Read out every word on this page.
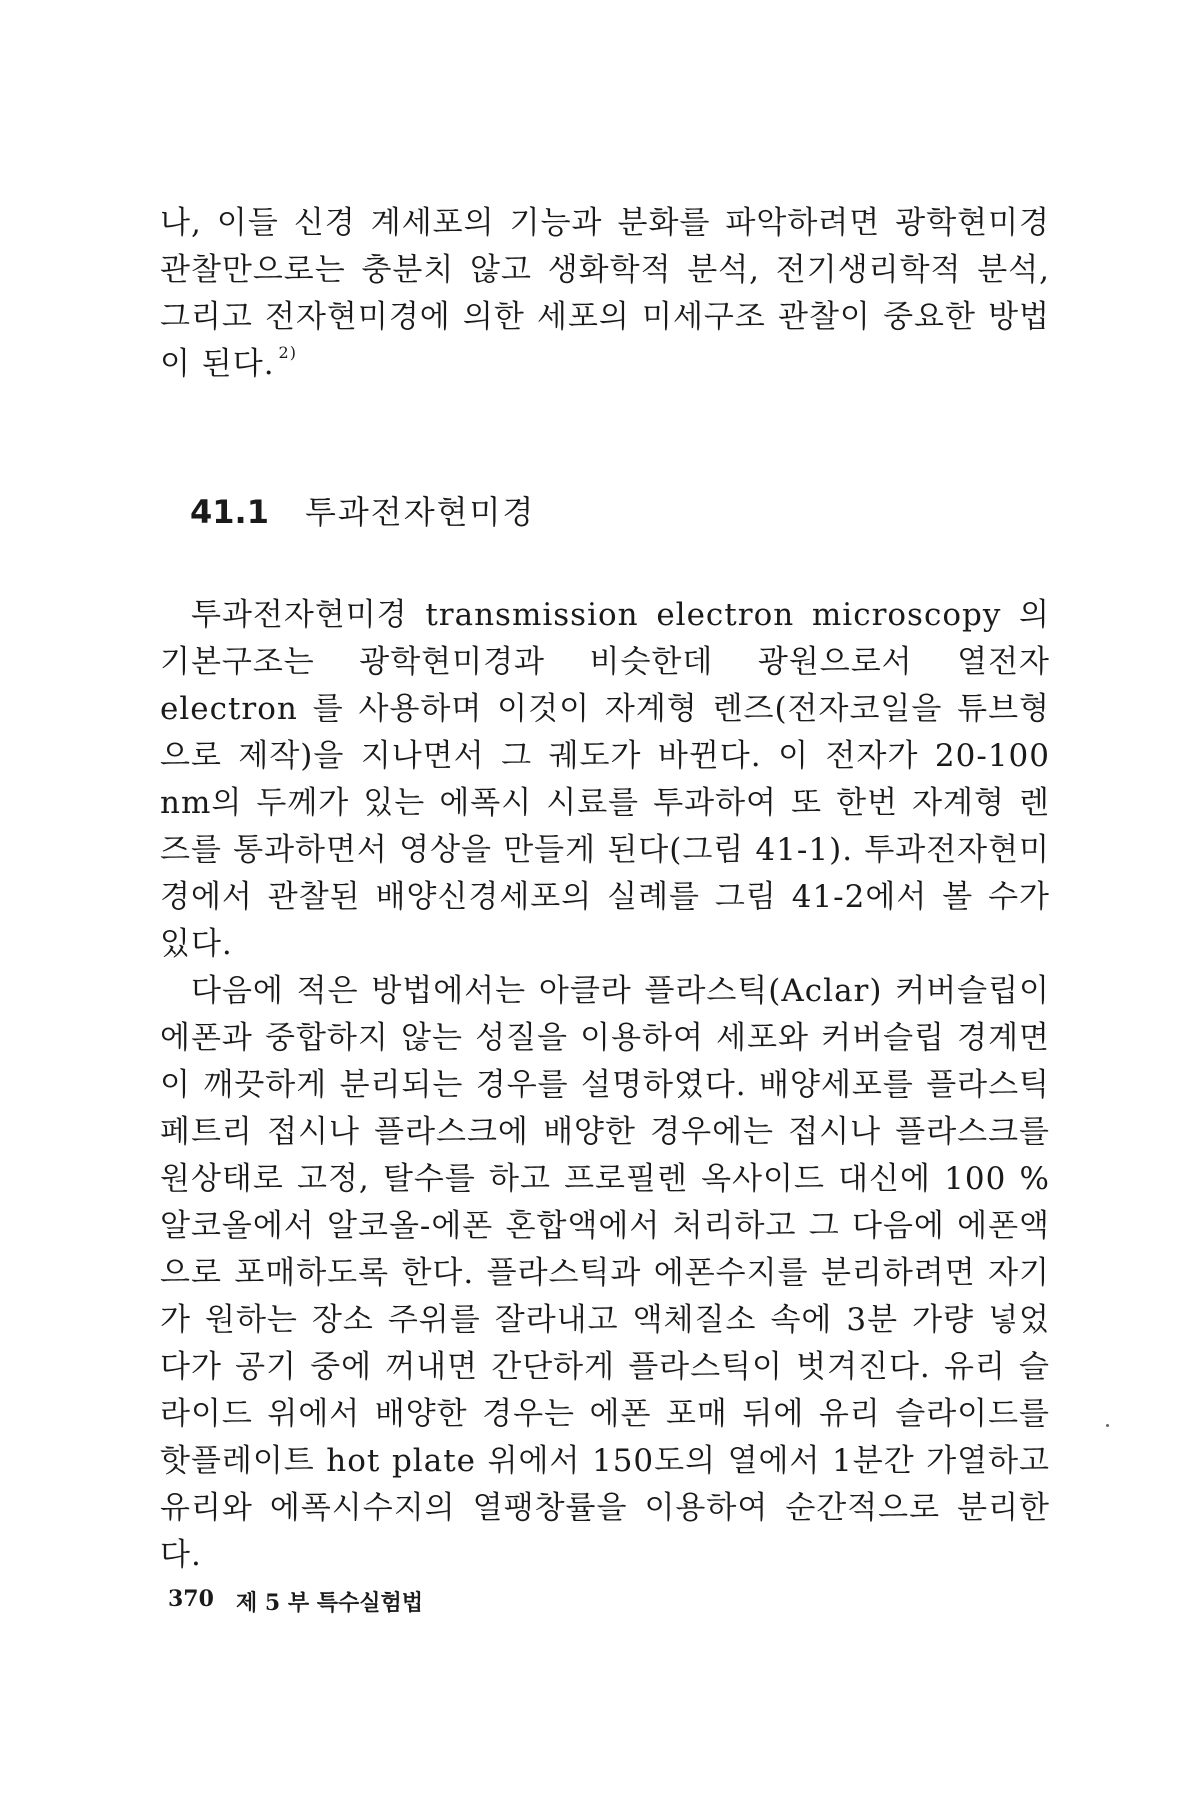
나, 이들 신경 계세포의 기능과 분화를 파악하려면 광학현미경 관찰만으로는 충분치 않고 생화학적 분석, 전기생리학적 분석, 그리고 전자현미경에 의한 세포의 미세구조 관찰이 중요한 방법이 된다. $^{2)}$

41.1 투과전자현미경

투과전자현미경 transmission electron microscopy 의 기본구조는 광학현미경과 비슷한데 광원으로서 열전자 electron 를 사용하며 이것이 자계형 렌즈(전자코일을 튜브형으로 제작)을 지나면서 그 궤도가 바뀐다. 이 전자가 20-100 nm의 두께가 있는 에폭시 시료를 투과하여 또 한번 자계형 렌즈를 통과하면서 영상을 만들게 된다(그림 41-1). 투과전자현미경에서 관찰된 배양신경세포의 실례를 그림 41-2에서 볼 수가 있다.

다음에 적은 방법에서는 아클라 플라스틱(Aclar) 커버슬립이 에폰과 중합하지 않는 성질을 이용하여 세포와 커버슬립 경계면이 깨끗하게 분리되는 경우를 설명하였다. 배양세포를 플라스틱 페트리 접시나 플라스크에 배양한 경우에는 접시나 플라스크를 원상태로 고정, 탈수를 하고 프로필렌 옥사이드 대신에 100 % 알코올에서 알코올-에폰 혼합액에서 처리하고 그 다음에 에폰액으로 포매하도록 한다. 플라스틱과 에폰수지를 분리하려면 자기가 원하는 장소 주위를 잘라내고 액체질소 속에 3분 가량 넣었다가 공기 중에 꺼내면 간단하게 플라스틱이 벗겨진다. 유리 슬라이드 위에서 배양한 경우는 에폰 포매 뒤에 유리 슬라이드를 핫플레이트 hot plate 위에서 150도의 열에서 1분간 가열하고 유리와 에폭시수지의 열팽창률을 이용하여 순간적으로 분리한다.

370 제 5 부 특수실험법
